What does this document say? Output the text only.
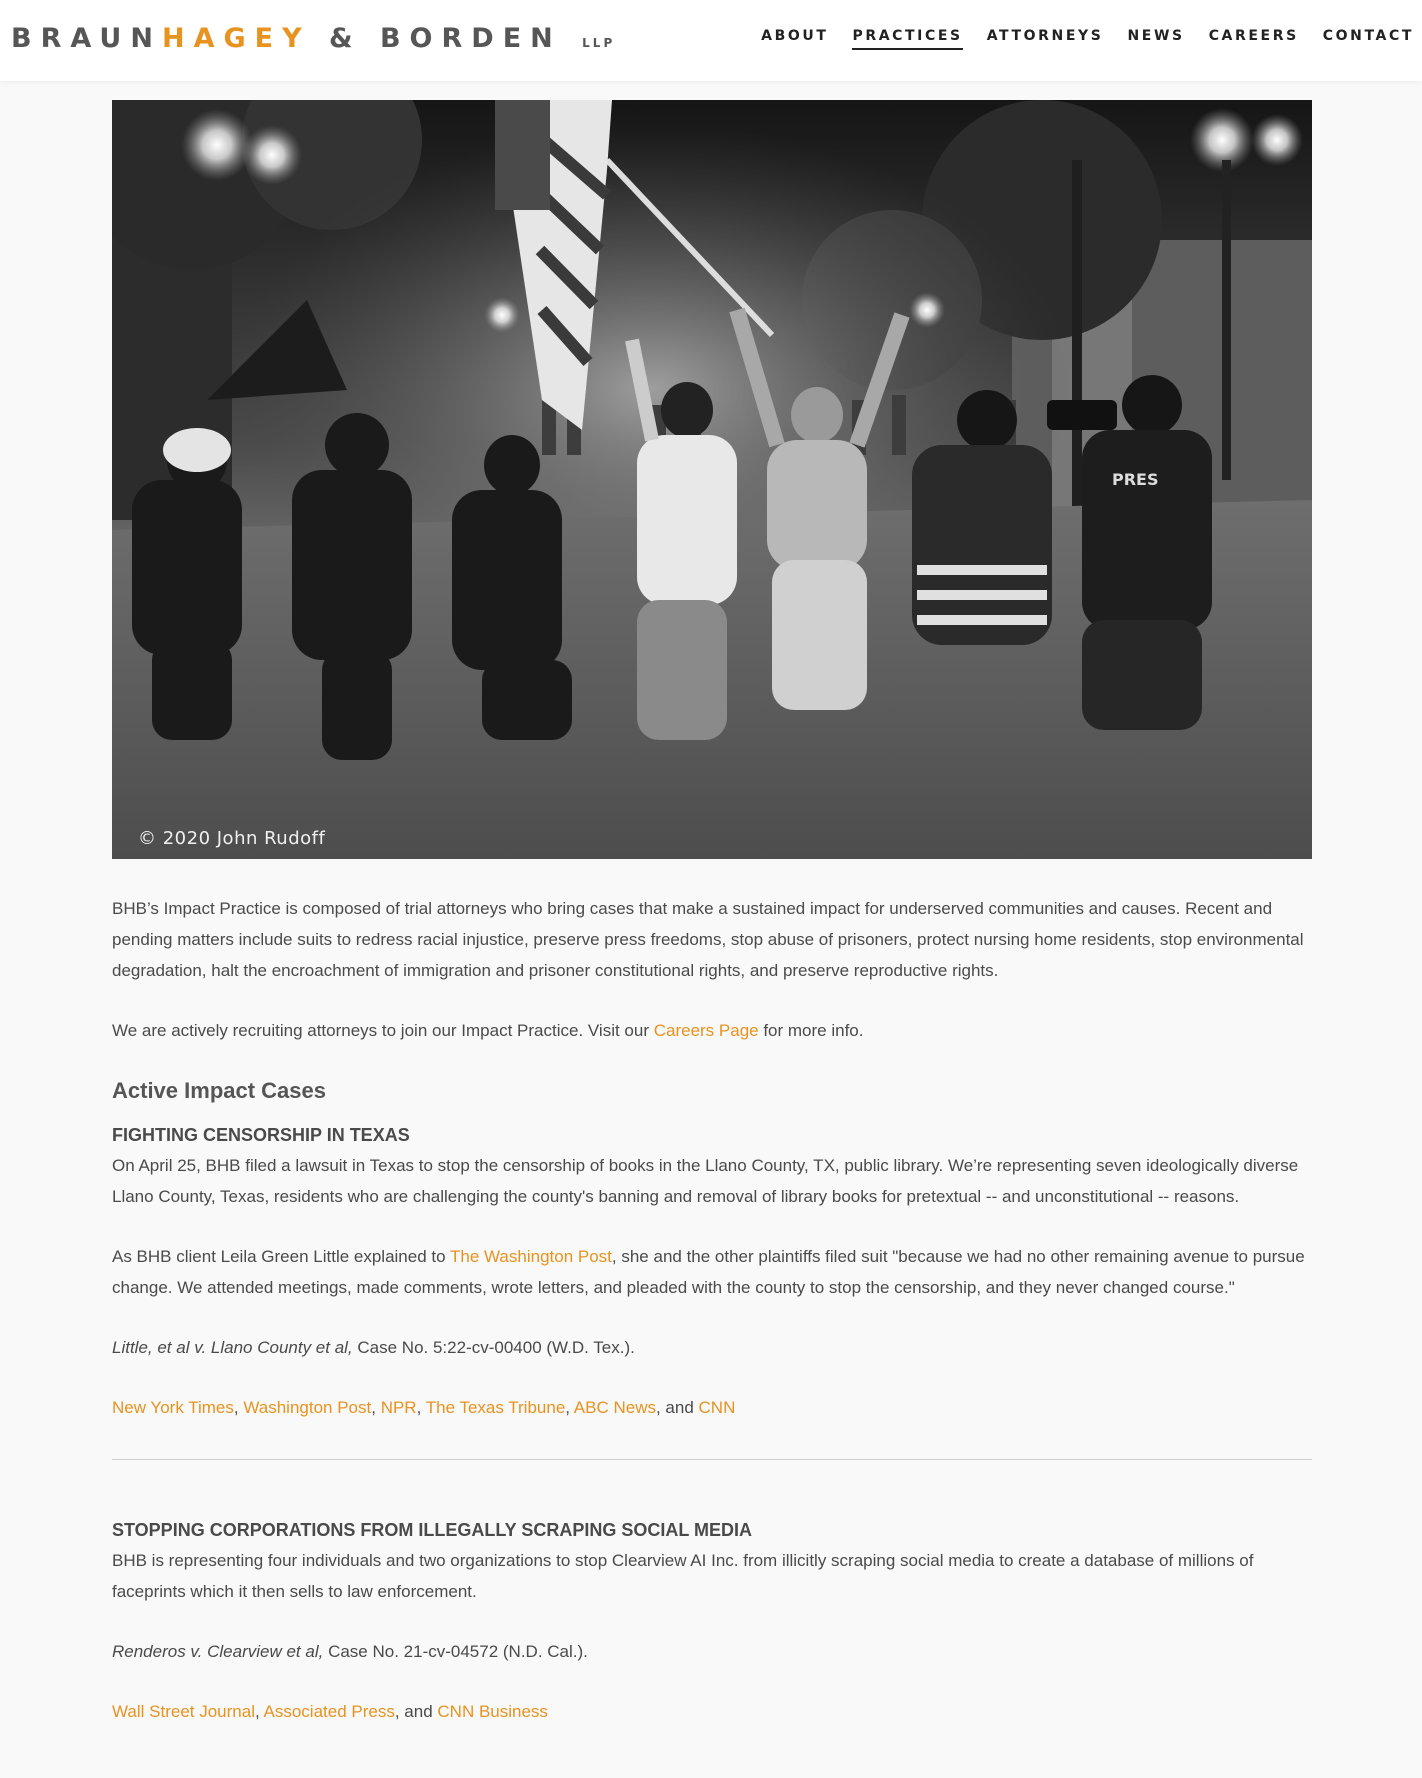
BRAUNHAGEY & BORDEN LLP	ABOUT PRACTICES ATTORNEYS NEWS CAREERS CONTACT
PRES
© 2020 John Rudoff

BHB’s Impact Practice is composed of trial attorneys who bring cases that make a sustained impact for underserved communities and causes. Recent and pending matters include suits to redress racial injustice, preserve press freedoms, stop abuse of prisoners, protect nursing home residents, stop environmental degradation, halt the encroachment of immigration and prisoner constitutional rights, and preserve reproductive rights.

We are actively recruiting attorneys to join our Impact Practice. Visit our Careers Page for more info.

Active Impact Cases
FIGHTING CENSORSHIP IN TEXAS

On April 25, BHB filed a lawsuit in Texas to stop the censorship of books in the Llano County, TX, public library. We’re representing seven ideologically diverse Llano County, Texas, residents who are challenging the county's banning and removal of library books for pretextual -- and unconstitutional -- reasons.

As BHB client Leila Green Little explained to The Washington Post, she and the other plaintiffs filed suit "because we had no other remaining avenue to pursue change. We attended meetings, made comments, wrote letters, and pleaded with the county to stop the censorship, and they never changed course."

Little, et al v. Llano County et al, Case No. 5:22-cv-00400 (W.D. Tex.).

New York Times, Washington Post, NPR, The Texas Tribune, ABC News, and CNN

STOPPING CORPORATIONS FROM ILLEGALLY SCRAPING SOCIAL MEDIA

BHB is representing four individuals and two organizations to stop Clearview AI Inc. from illicitly scraping social media to create a database of millions of faceprints which it then sells to law enforcement.

Renderos v. Clearview et al, Case No. 21-cv-04572 (N.D. Cal.).

Wall Street Journal, Associated Press, and CNN Business
